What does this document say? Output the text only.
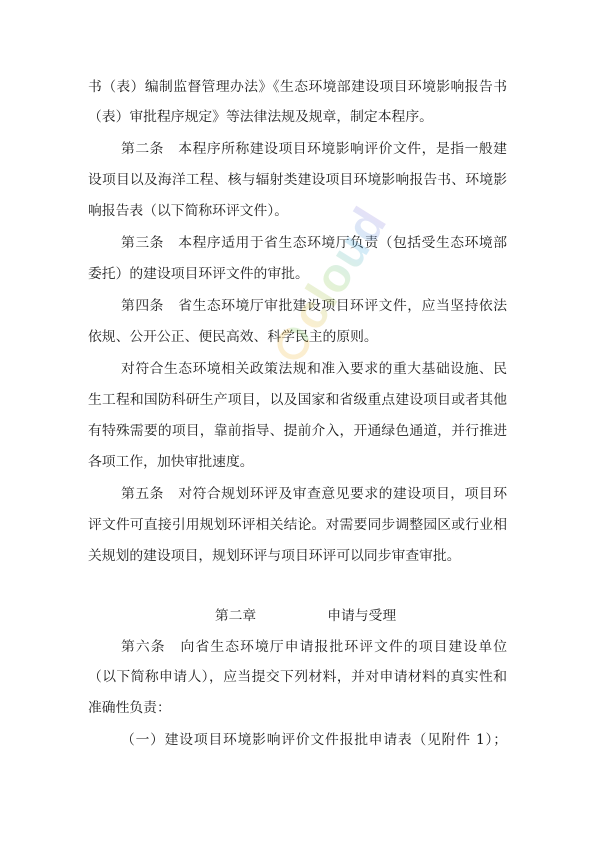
书（表）编制监督管理办法》《生态环境部建设项目环境影响报告书
（表）审批程序规定》等法律法规及规章，制定本程序。
第二条　本程序所称建设项目环境影响评价文件，是指一般建
设项目以及海洋工程、核与辐射类建设项目环境影响报告书、环境影
响报告表（以下简称环评文件）。
第三条　本程序适用于省生态环境厅负责（包括受生态环境部
委托）的建设项目环评文件的审批。
第四条　省生态环境厅审批建设项目环评文件，应当坚持依法
依规、公开公正、便民高效、科学民主的原则。
对符合生态环境相关政策法规和准入要求的重大基础设施、民
生工程和国防科研生产项目，以及国家和省级重点建设项目或者其他
有特殊需要的项目，靠前指导、提前介入，开通绿色通道，并行推进
各项工作，加快审批速度。
第五条　对符合规划环评及审查意见要求的建设项目，项目环
评文件可直接引用规划环评相关结论。对需要同步调整园区或行业相
关规划的建设项目，规划环评与项目环评可以同步审查审批。
第二章	申请与受理
第六条　向省生态环境厅申请报批环评文件的项目建设单位
（以下简称申请人），应当提交下列材料，并对申请材料的真实性和
准确性负责：
（一）建设项目环境影响评价文件报批申请表（见附件 1）；
cloud
